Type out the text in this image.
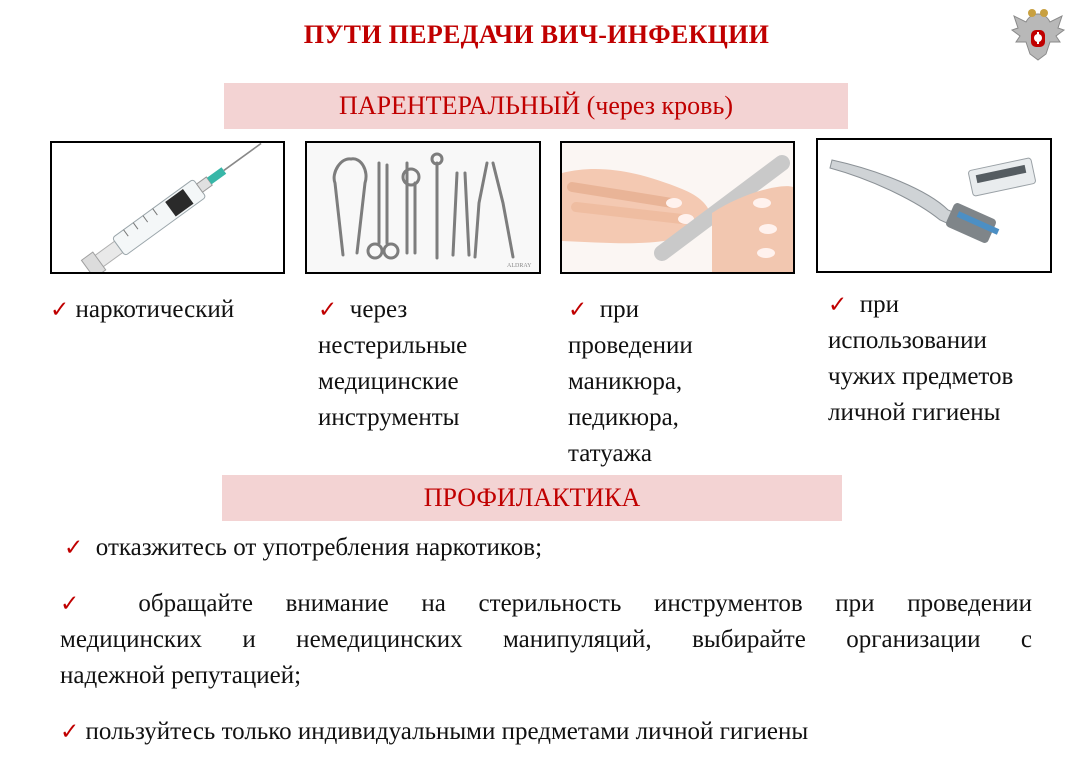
ПУТИ ПЕРЕДАЧИ ВИЧ-ИНФЕКЦИИ
ПАРЕНТЕРАЛЬНЫЙ (через кровь)
ALDRAY
✓ наркотический	✓ через
нестерильные
медицинские
инструменты
✓ при
проведении
маникюра,
педикюра,
татуажа
✓ при
использовании
чужих предметов
личной гигиены
ПРОФИЛАКТИКА
✓ отказжитесь от употребления наркотиков;
✓ обращайте внимание на стерильность инструментов при проведении
медицинских и немедицинских манипуляций, выбирайте организации с
надежной репутацией;
✓ пользуйтесь только индивидуальными предметами личной гигиены
